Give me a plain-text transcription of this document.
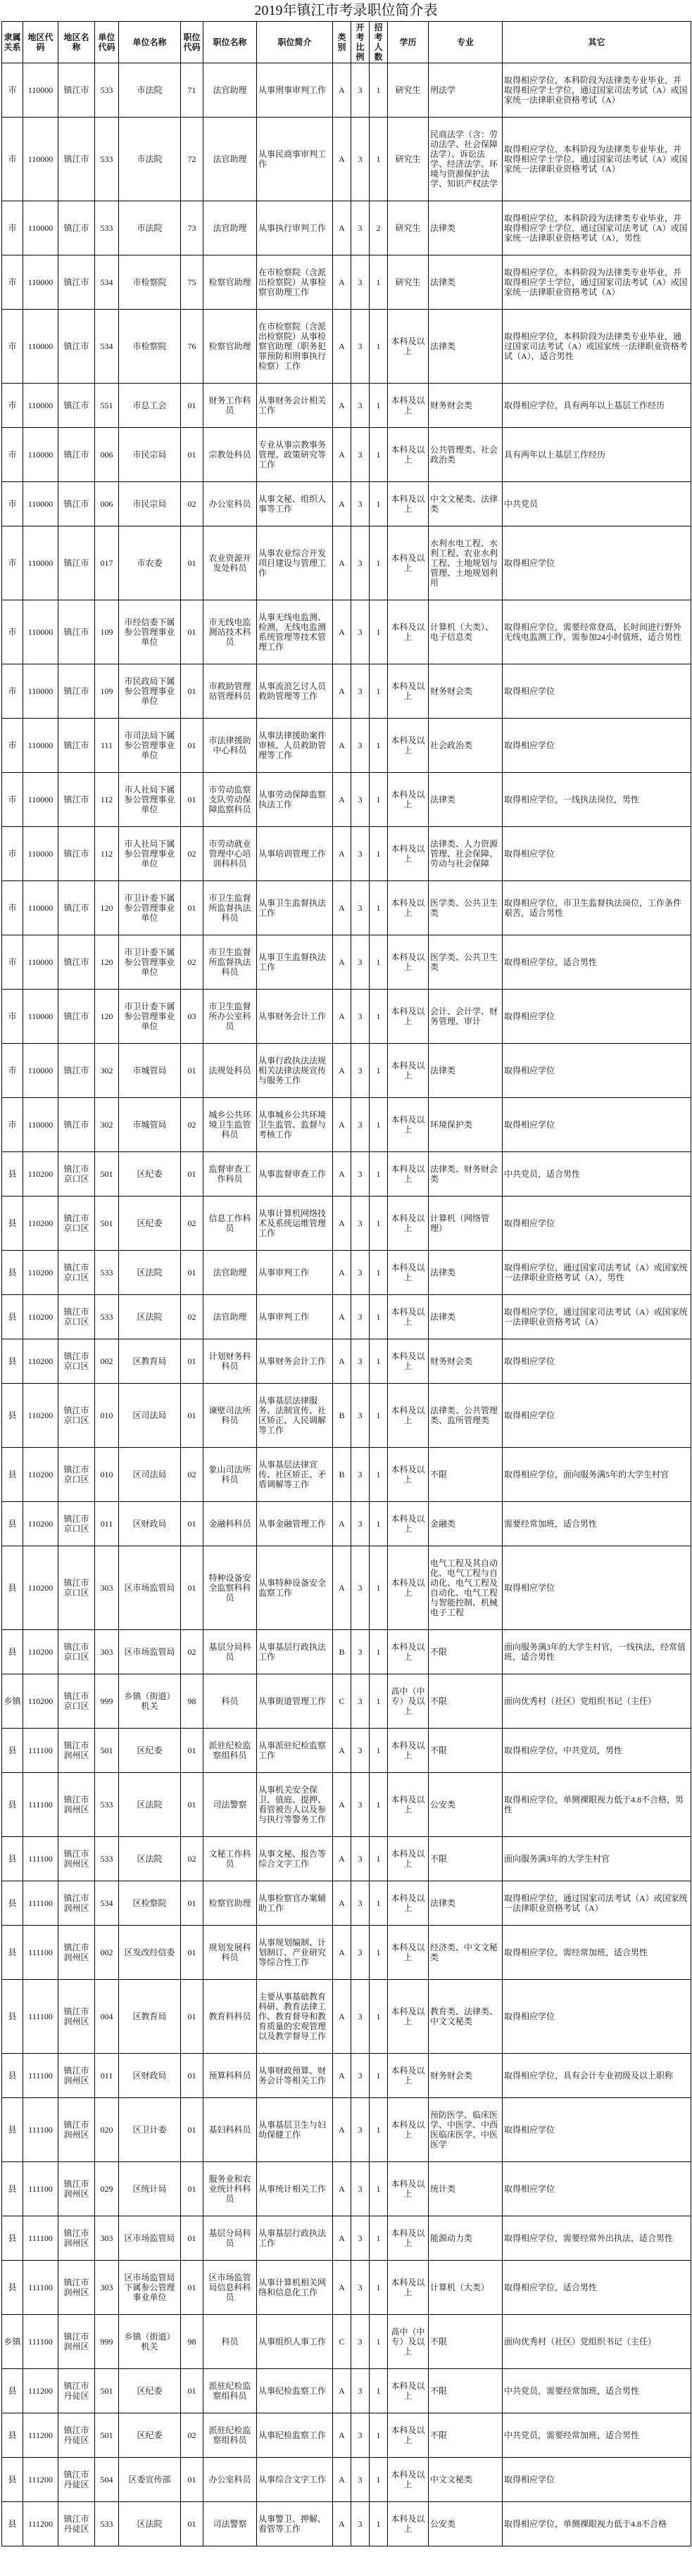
2019年镇江市考录职位简介表
隶属关系	地区代码	地区名称	单位代码	单位名称	职位代码	职位名称	职位简介	类别	开考比例	招考人数	学历	专业	其它
市	110000	镇江市	533	市法院	71	法官助理	从事刑事审判工作	A	3	1	研究生	刑法学	取得相应学位，本科阶段为法律类专业毕业，并取得相应学士学位，通过国家司法考试（A）或国家统一法律职业资格考试（A）
市	110000	镇江市	533	市法院	72	法官助理	从事民商事审判工作	A	3	1	研究生	民商法学（含：劳动法学、社会保障法学）、诉讼法学、经济法学、环境与资源保护法学、知识产权法学	取得相应学位，本科阶段为法律类专业毕业，并取得相应学士学位，通过国家司法考试（A）或国家统一法律职业资格考试（A）
市	110000	镇江市	533	市法院	73	法官助理	从事执行审判工作	A	3	2	研究生	法律类	取得相应学位，本科阶段为法律类专业毕业，并取得相应学士学位，通过国家司法考试（A）或国家统一法律职业资格考试（A），男性
市	110000	镇江市	534	市检察院	75	检察官助理	在市检察院（含派出检察院）从事检察官助理工作	A	3	1	研究生	法律类	取得相应学位，本科阶段为法律类专业毕业，并取得相应学士学位，通过国家司法考试（A）或国家统一法律职业资格考试（A）
市	110000	镇江市	534	市检察院	76	检察官助理	在市检察院（含派出检察院）从事检察官助理（职务犯罪预防和刑事执行检察）工作	A	3	1	本科及以上	法律类	取得相应学位，本科阶段为法律类专业毕业，通过国家司法考试（A）或国家统一法律职业资格考试（A），适合男性
市	110000	镇江市	551	市总工会	01	财务工作科员	从事财务会计相关工作	A	3	1	本科及以上	财务财会类	取得相应学位，具有两年以上基层工作经历
市	110000	镇江市	006	市民宗局	01	宗教处科员	专业从事宗教事务管理、政策研究等工作	A	3	1	本科及以上	公共管理类、社会政治类	具有两年以上基层工作经历
市	110000	镇江市	006	市民宗局	02	办公室科员	从事文秘、组织人事等工作	A	3	1	本科及以上	中文文秘类、法律类	中共党员
市	110000	镇江市	017	市农委	01	农业资源开发处科员	从事农业综合开发项目建设与管理工作	A	3	1	本科及以上	水利水电工程、水利工程、农业水利工程、土地规划与管理、土地规划利用	取得相应学位
市	110000	镇江市	109	市经信委下属参公管理事业单位	01	市无线电监测站技术科员	从事无线电监测、检测，无线电监测系统管理等技术管理工作	A	3	1	本科及以上	计算机（大类）、电子信息类	取得相应学位，需要经常登高，长时间进行野外无线电监测工作，需参加24小时值班，适合男性
市	110000	镇江市	109	市民政局下属参公管理事业单位	01	市救助管理站管理科员	从事流浪乞讨人员救助管理等工作	A	3	1	本科及以上	财务财会类	取得相应学位
市	110000	镇江市	111	市司法局下属参公管理事业单位	01	市法律援助中心科员	从事法律援助案件审核、人员救助管理等工作	A	3	1	本科及以上	社会政治类	取得相应学位
市	110000	镇江市	112	市人社局下属参公管理事业单位	01	市劳动监察支队劳动保障监察科员	从事劳动保障监察执法工作	A	3	1	本科及以上	法律类	取得相应学位，一线执法岗位，男性
市	110000	镇江市	112	市人社局下属参公管理事业单位	02	市劳动就业管理中心培训科科员	从事培训管理工作	A	3	1	本科及以上	法律类、人力资源管理、社会保障、劳动与社会保障	取得相应学位
市	110000	镇江市	120	市卫计委下属参公管理事业单位	01	市卫生监督所监督执法科员	从事卫生监督执法工作	A	3	1	本科及以上	医学类、公共卫生类	取得相应学位，市卫生监督执法岗位，工作条件艰苦，适合男性
市	110000	镇江市	120	市卫计委下属参公管理事业单位	02	市卫生监督所监督执法科员	从事卫生监督执法工作	A	3	1	本科及以上	医学类、公共卫生类	取得相应学位，适合男性
市	110000	镇江市	120	市卫计委下属参公管理事业单位	03	市卫生监督所办公室科员	从事财务会计工作	A	3	1	本科及以上	会计、会计学、财务管理、审计	取得相应学位
市	110000	镇江市	302	市城管局	01	法规处科员	从事行政执法法规相关法律法规宣传与服务工作	A	3	1	本科及以上	法律类	取得相应学位
市	110000	镇江市	302	市城管局	02	城乡公共环境卫生监管科员	从事城乡公共环境卫生监管、监督与考核工作	A	3	1	本科及以上	环境保护类	取得相应学位
县	110200	镇江市京口区	501	区纪委	01	监督审查工作科员	从事监督审查工作	A	3	1	本科及以上	法律类、财务财会类	中共党员，适合男性
县	110200	镇江市京口区	501	区纪委	02	信息工作科员	从事计算机网络技术及系统运维管理工作	A	3	1	本科及以上	计算机（网络管理）	取得相应学位
县	110200	镇江市京口区	533	区法院	01	法官助理	从事审判工作	A	3	1	本科及以上	法律类	取得相应学位，通过国家司法考试（A）或国家统一法律职业资格考试（A），男性
县	110200	镇江市京口区	533	区法院	02	法官助理	从事审判工作	A	3	1	本科及以上	法律类	取得相应学位，通过国家司法考试（A）或国家统一法律职业资格考试（A）
县	110200	镇江市京口区	002	区教育局	01	计划财务科科员	从事财务会计工作	A	3	1	本科及以上	财务财会类	取得相应学位
县	110200	镇江市京口区	010	区司法局	01	谏壁司法所科员	从事基层法律服务、法制宣传、社区矫正、人民调解等工作	B	3	1	本科及以上	法律类、公共管理类、监所管理类	取得相应学位
县	110200	镇江市京口区	010	区司法局	02	象山司法所科员	从事基层法律宣传、社区矫正、矛盾调解等工作	B	3	1	本科及以上	不限	取得相应学位，面向服务满5年的大学生村官
县	110200	镇江市京口区	011	区财政局	01	金融科科员	从事金融管理工作	A	3	1	本科及以上	金融类	需要经常加班，适合男性
县	110200	镇江市京口区	303	区市场监管局	01	特种设备安全监察科科员	从事特种设备安全监察工作	A	3	1	本科及以上	电气工程及其自动化、电气工程与自动化、电气工程及自动化、电气工程与智能控制、机械电子工程	取得相应学位
县	110200	镇江市京口区	303	区市场监管局	02	基层分局科员	从事基层行政执法工作	B	3	1	本科及以上	不限	面向服务满3年的大学生村官，一线执法，经常值班，适合男性
乡镇	110200	镇江市京口区	999	乡镇（街道）机关	98	科员	从事街道管理工作	C	3	1	高中（中专）及以上	不限	面向优秀村（社区）党组织书记（主任）
县	111100	镇江市润州区	501	区纪委	01	派驻纪检监察组科员	从事派驻纪检监察工作	A	3	1	本科及以上	不限	取得相应学位，中共党员，男性
县	111100	镇江市润州区	533	区法院	01	司法警察	从事机关安全保卫、值庭、提押、看管被告人以及参与执行等警务工作	A	3	1	本科及以上	公安类	取得相应学位，单侧裸眼视力低于4.8不合格，男性
县	111100	镇江市润州区	533	区法院	02	文秘工作科员	从事文秘、报告等综合文字工作	A	3	1	本科及以上	不限	面向服务满3年的大学生村官
县	111100	镇江市润州区	534	区检察院	01	检察官助理	从事检察官办案辅助工作	A	3	1	本科及以上	法律类	取得相应学位，通过国家司法考试（A）或国家统一法律职业资格考试（A）
县	111100	镇江市润州区	002	区发改经信委	01	规划发展科科员	从事规划编制、计划制订、产业研究等综合性工作	A	3	1	本科及以上	经济类、中文文秘类	取得相应学位，需经常加班，适合男性
县	111100	镇江市润州区	004	区教育局	01	教育科科员	主要从事基础教育科研、教育法律工作、教育督导和教育质量的宏观管理以及教学督导工作	A	3	1	本科及以上	教育类、法律类、中文文秘类	取得相应学位
县	111100	镇江市润州区	011	区财政局	01	预算科科员	从事财政预算、财务会计等相关工作	A	3	1	本科及以上	财务财会类	取得相应学位，具有会计专业初级及以上职称
县	111100	镇江市润州区	020	区卫计委	01	基妇科科员	从事基层卫生与妇幼保健工作	A	3	1	本科及以上	预防医学、临床医学、中医学、中西医临床医学、中医医学	取得相应学位
县	111100	镇江市润州区	029	区统计局	01	服务业和农业统计科科员	从事统计相关工作	A	3	1	本科及以上	统计类	取得相应学位
县	111100	镇江市润州区	303	区市场监管局	01	基层分局科员	从事基层行政执法工作	A	3	1	本科及以上	能源动力类	取得相应学位，需要经常外出执法，适合男性
县	111100	镇江市润州区	303	区市场监管局下属参公管理事业单位	01	区市场监管局信息科科员	从事计算机相关网络和信息化工作	A	3	1	本科及以上	计算机（大类）	取得相应学位，适合男性
乡镇	111100	镇江市润州区	999	乡镇（街道）机关	98	科员	从事组织人事工作	C	3	1	高中（中专）及以上	不限	面向优秀村（社区）党组织书记（主任）
县	111200	镇江市丹徒区	501	区纪委	01	派驻纪检监察组科员	从事纪检监察工作	A	3	1	本科及以上	不限	中共党员，需要经常加班，适合男性
县	111200	镇江市丹徒区	501	区纪委	02	派驻纪检监察组科员	从事纪检监察工作	A	3	1	本科及以上	不限	中共党员，需要经常加班，适合男性
县	111200	镇江市丹徒区	504	区委宣传部	01	办公室科员	从事综合文字工作	A	3	1	本科及以上	中文文秘类	取得相应学位
县	111200	镇江市丹徒区	533	区法院	01	司法警察	从事警卫、押解、看管等工作	A	3	1	本科及以上	公安类	取得相应学位，单侧裸眼视力低于4.8不合格
